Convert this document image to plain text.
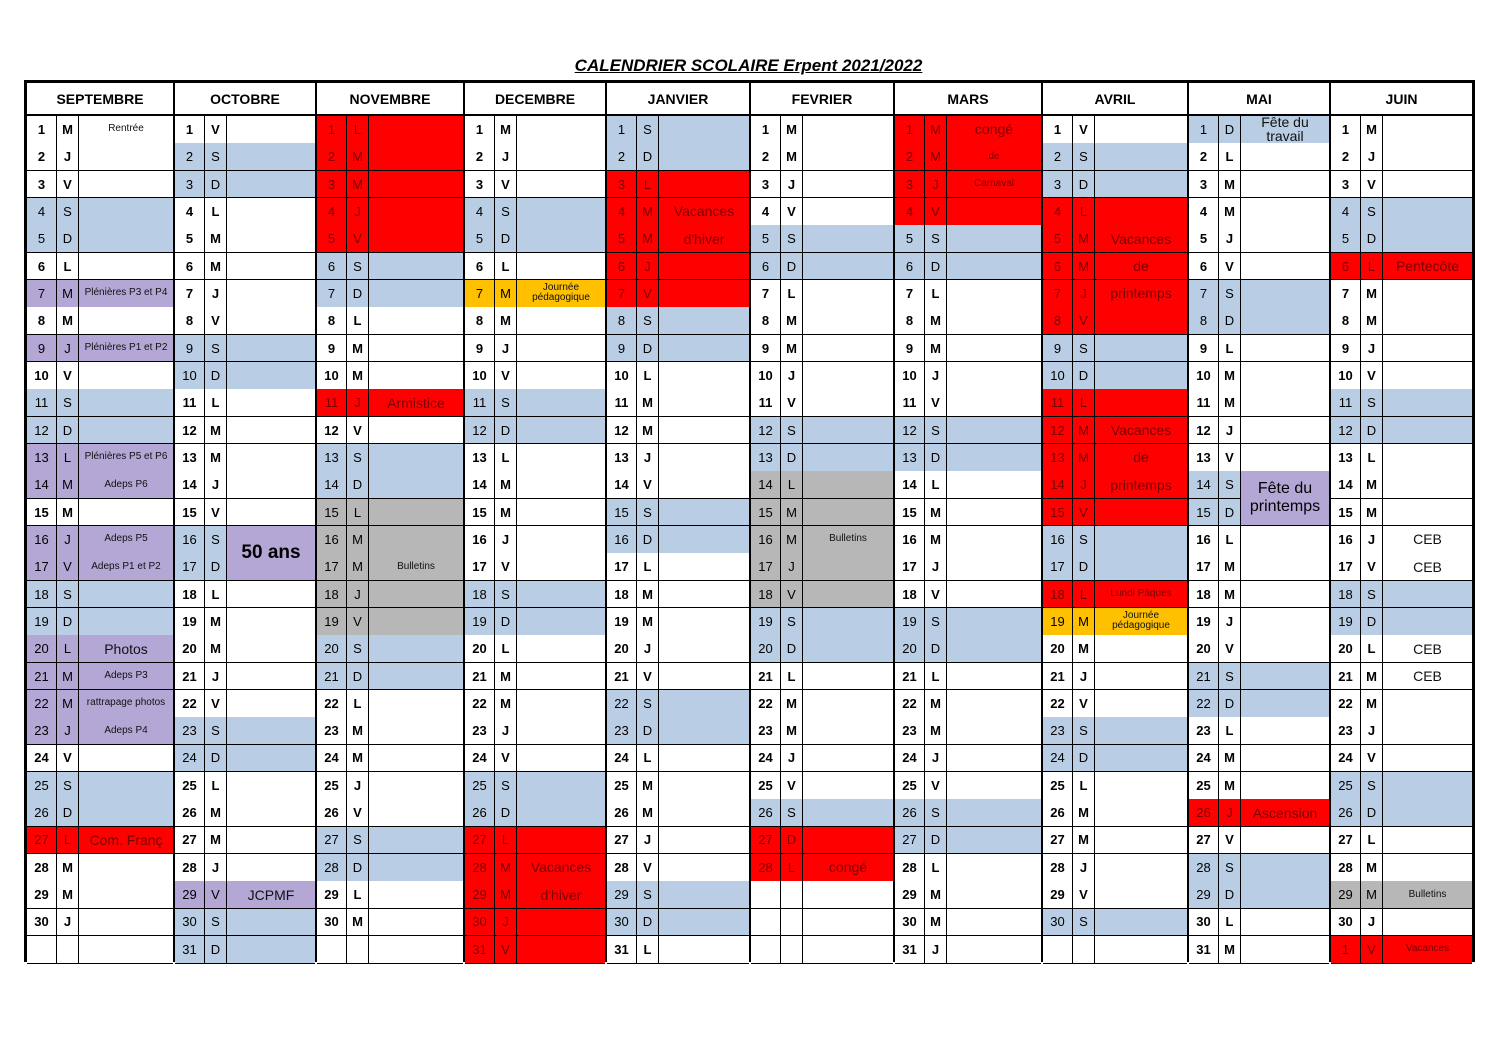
CALENDRIER SCOLAIRE Erpent 2021/2022
SEPTEMBRE
1	M	Rentrée
2	J
3	V
4	S
5	D
6	L
7	M	Plénières P3 et P4
8	M
9	J	Plénières P1 et P2
10	V
11	S
12	D
13	L	Plénières P5 et P6
14	M	Adeps P6
15	M
16	J	Adeps P5
17	V	Adeps P1 et P2
18	S
19	D
20	L	Photos
21	M	Adeps P3
22	M	rattrapage photos
23	J	Adeps P4
24	V
25	S
26	D
27	L	Com. Franç
28	M
29	M
30	J
OCTOBRE
1	V
2	S
3	D
4	L
5	M
6	M
7	J
8	V
9	S
10	D
11	L
12	M
13	M
14	J
15	V
16	S
17	D
18	L
19	M
20	M
21	J
22	V
23	S
24	D
25	L
26	M
27	M
28	J
29	V	JCPMF
30	S
31	D
50 ans
NOVEMBRE
1	L
2	M
3	M
4	J
5	V
6	S
7	D
8	L
9	M
10	M
11	J	Armistice
12	V
13	S
14	D
15	L
16	M
17	M	Bulletins
18	J
19	V
20	S
21	D
22	L
23	M
24	M
25	J
26	V
27	S
28	D
29	L
30	M
DECEMBRE
1	M
2	J
3	V
4	S
5	D
6	L
7	M	Journée pédagogique
8	M
9	J
10	V
11	S
12	D
13	L
14	M
15	M
16	J
17	V
18	S
19	D
20	L
21	M
22	M
23	J
24	V
25	S
26	D
27	L
28	M	Vacances
29	M	d'hiver
30	J
31	V
JANVIER
1	S
2	D
3	L
4	M	Vacances
5	M	d'hiver
6	J
7	V
8	S
9	D
10	L
11	M
12	M
13	J
14	V
15	S
16	D
17	L
18	M
19	M
20	J
21	V
22	S
23	D
24	L
25	M
26	M
27	J
28	V
29	S
30	D
31	L
FEVRIER
1	M
2	M
3	J
4	V
5	S
6	D
7	L
8	M
9	M
10	J
11	V
12	S
13	D
14	L
15	M
16	M	Bulletins
17	J
18	V
19	S
20	D
21	L
22	M
23	M
24	J
25	V
26	S
27	D
28	L	congé
MARS
1	M	congé
2	M	de
3	J	Carnaval
4	V
5	S
6	D
7	L
8	M
9	M
10	J
11	V
12	S
13	D
14	L
15	M
16	M
17	J
18	V
19	S
20	D
21	L
22	M
23	M
24	J
25	V
26	S
27	D
28	L
29	M
30	M
31	J
AVRIL
1	V
2	S
3	D
4	L
5	M	Vacances
6	M	de
7	J	printemps
8	V
9	S
10	D
11	L
12	M	Vacances
13	M	de
14	J	printemps
15	V
16	S
17	D
18	L	Lundi Pâques
19	M	Journée pédagogique
20	M
21	J
22	V
23	S
24	D
25	L
26	M
27	M
28	J
29	V
30	S
MAI
1	D	Fête du travail
2	L
3	M
4	M
5	J
6	V
7	S
8	D
9	L
10	M
11	M
12	J
13	V
14	S
15	D
16	L
17	M
18	M
19	J
20	V
21	S
22	D
23	L
24	M
25	M
26	J	Ascension
27	V
28	S
29	D
30	L
31	M
Fête du printemps
JUIN
1	M
2	J
3	V
4	S
5	D
6	L	Pentecôte
7	M
8	M
9	J
10	V
11	S
12	D
13	L
14	M
15	M
16	J	CEB
17	V	CEB
18	S
19	D
20	L	CEB
21	M	CEB
22	M
23	J
24	V
25	S
26	D
27	L
28	M
29	M	Bulletins
30	J
1	V	Vacances
